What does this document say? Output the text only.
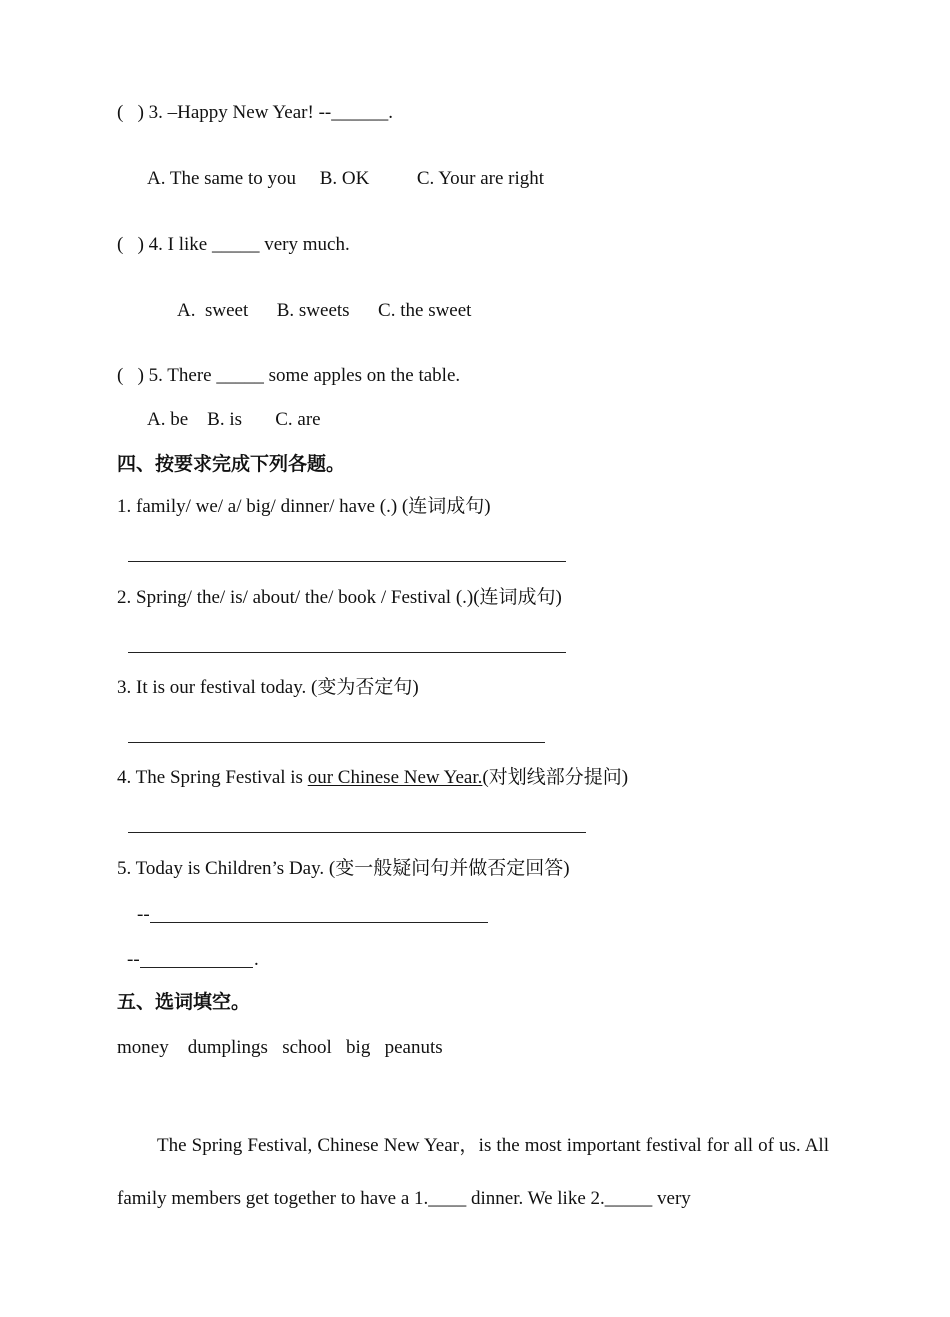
(   ) 3. –Happy New Year! --______.
A. The same to you     B. OK          C. Your are right
(   ) 4. I like _____ very much.
A.  sweet      B. sweets      C. the sweet
(   ) 5. There _____ some apples on the table.
A. be    B. is       C. are
四、按要求完成下列各题。
1. family/ we/ a/ big/ dinner/ have (.) (连词成句)
2. Spring/ the/ is/ about/ the/ book / Festival (.)(连词成句)
3. It is our festival today. (变为否定句)
4. The Spring Festival is our Chinese New Year.(对划线部分提问)
5. Today is Children’s Day. (变一般疑问句并做否定回答)
--
--	.
五、选词填空。
money    dumplings   school   big   peanuts
The Spring Festival, Chinese New Year，is the most important festival for all of us. All family members get together to have a 1.____ dinner. We like 2._____ very
